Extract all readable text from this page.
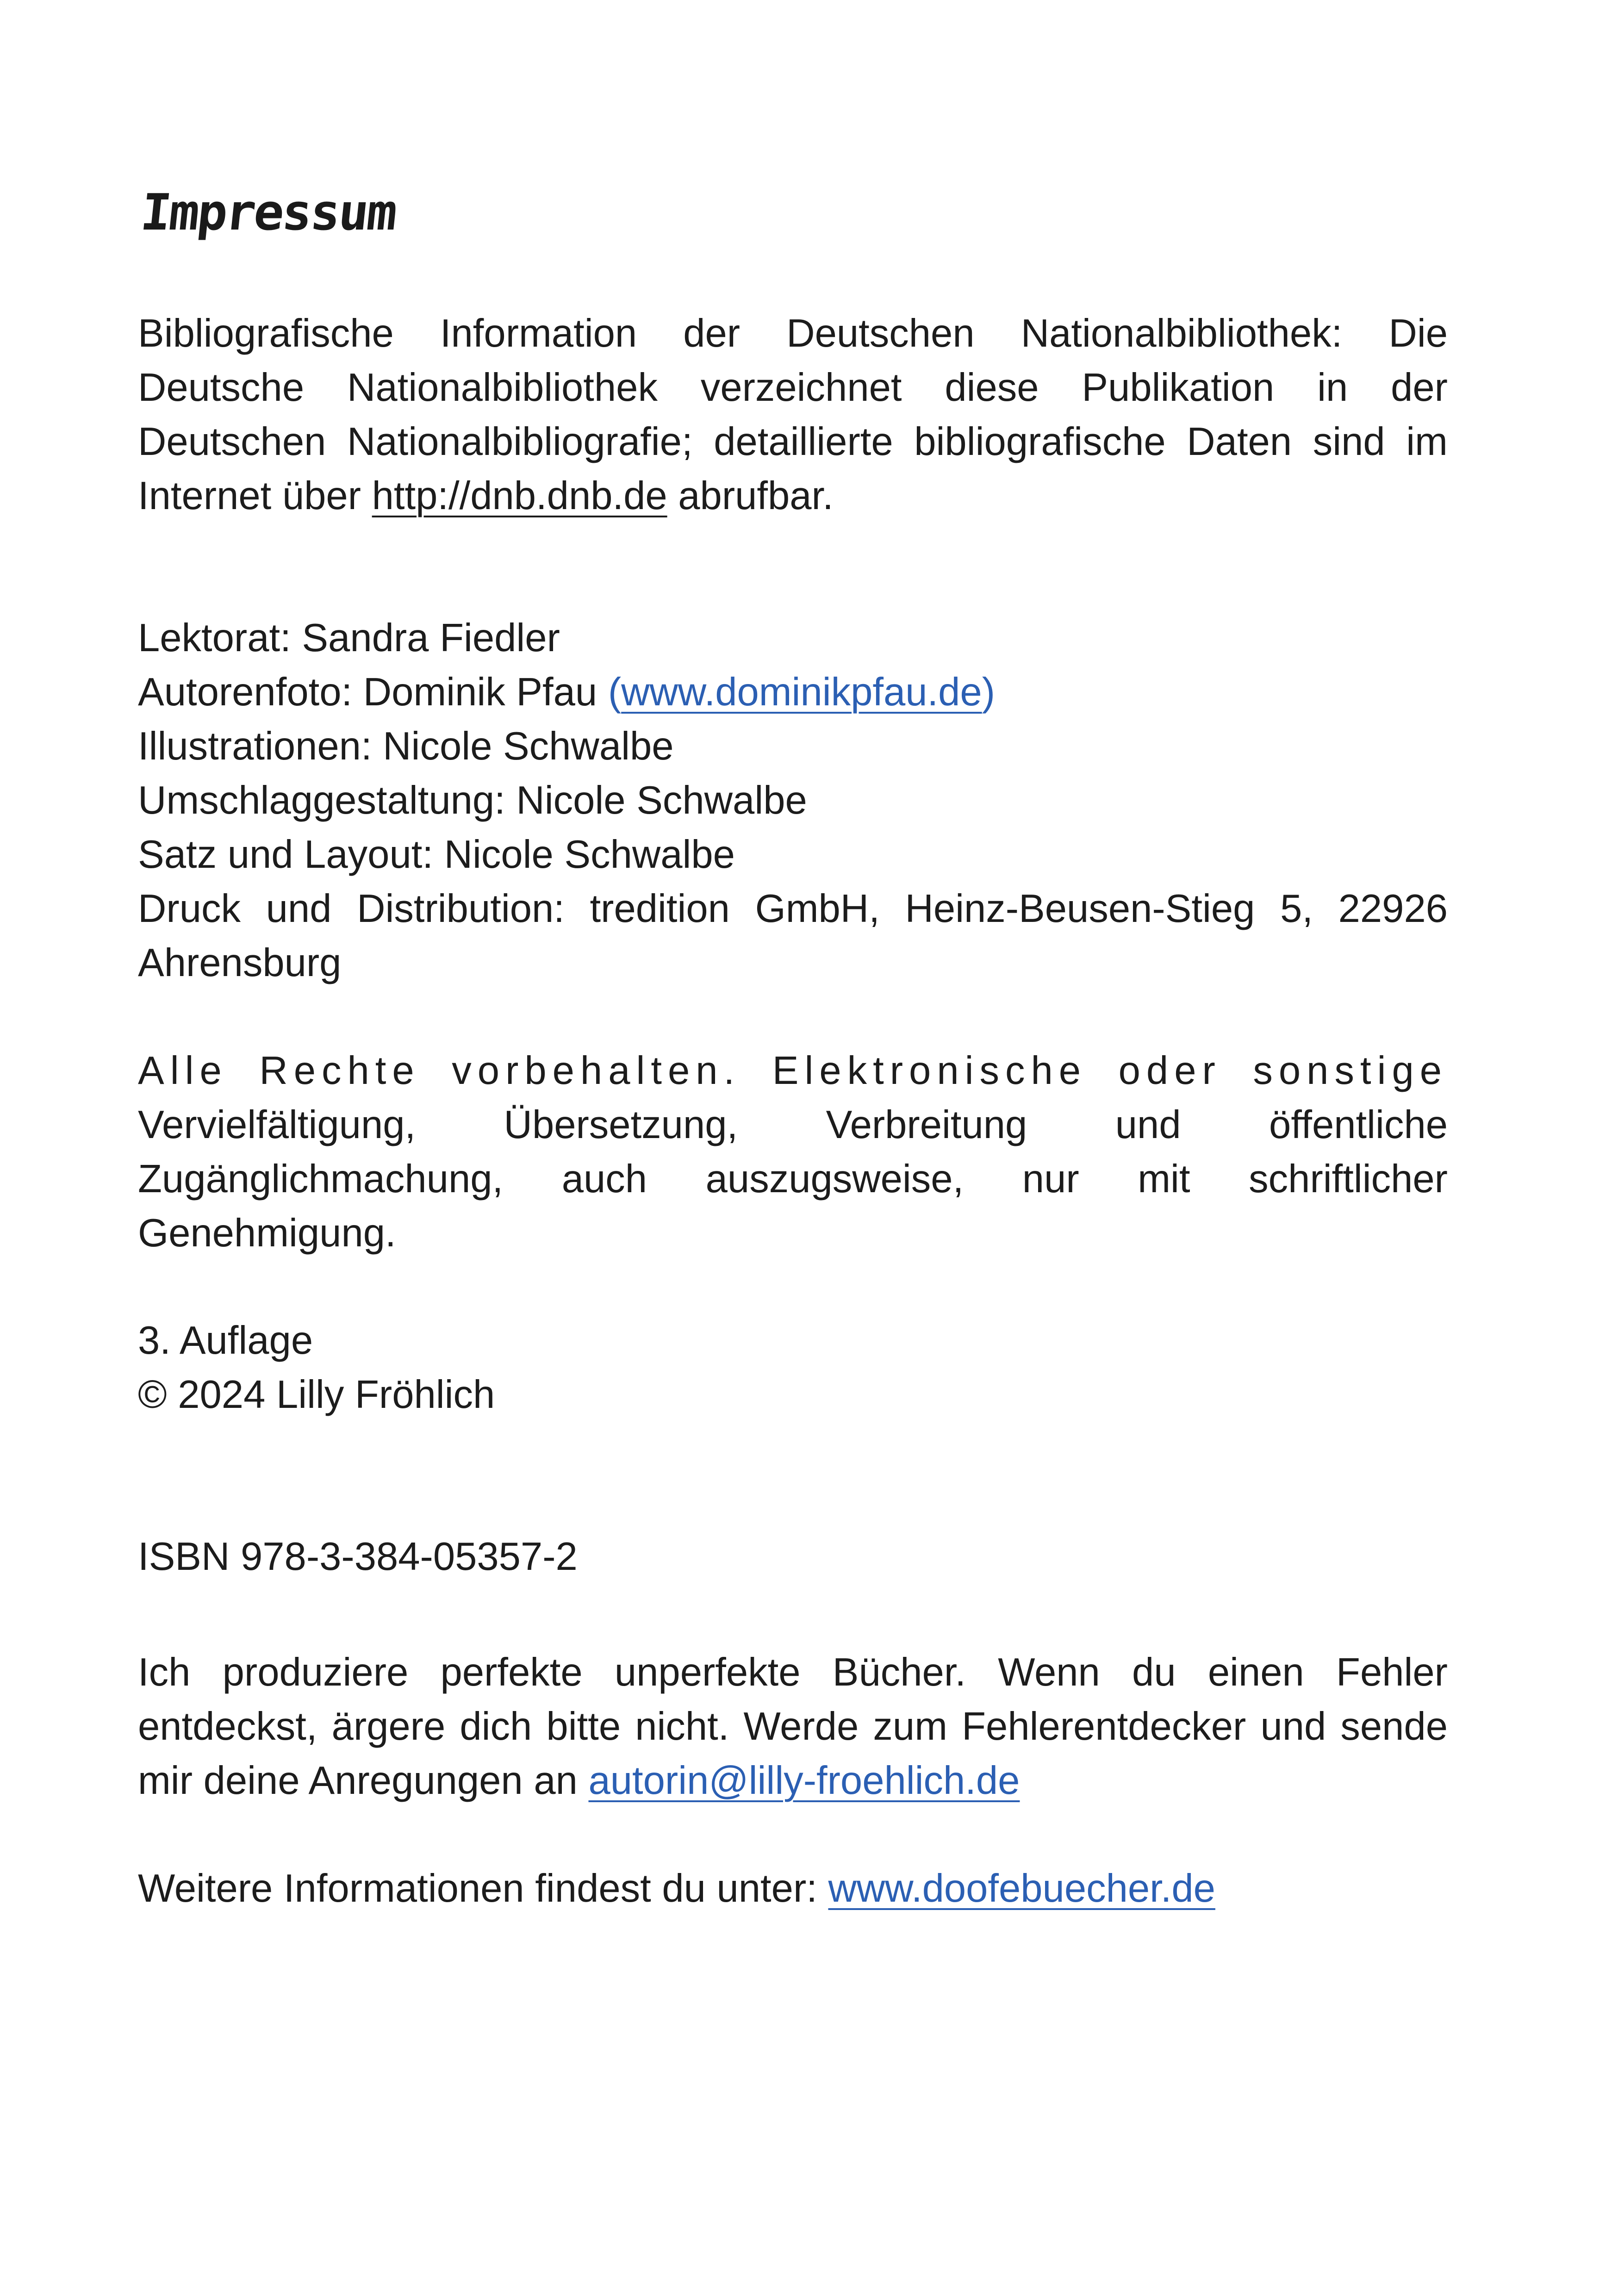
Impressum

Bibliografische Information der Deutschen Nationalbibliothek: Die Deutsche Nationalbibliothek verzeichnet diese Publikation in der Deutschen Nationalbibliografie; detaillierte bibliografische Daten sind im Internet über http://dnb.dnb.de abrufbar.

Lektorat: Sandra Fiedler
Autorenfoto: Dominik Pfau (www.dominikpfau.de)
Illustrationen: Nicole Schwalbe
Umschlaggestaltung: Nicole Schwalbe
Satz und Layout: Nicole Schwalbe
Druck und Distribution: tredition GmbH, Heinz-Beusen-Stieg 5, 22926 Ahrensburg
Alle Rechte vorbehalten. Elektronische oder sonstige
Vervielfältigung, Übersetzung, Verbreitung und öffentliche Zugänglichmachung, auch auszugsweise, nur mit schriftlicher Genehmigung.
3. Auflage
© 2024 Lilly Fröhlich

ISBN 978-3-384-05357-2

Ich produziere perfekte unperfekte Bücher. Wenn du einen Fehler entdeckst, ärgere dich bitte nicht. Werde zum Fehlerentdecker und sende mir deine Anregungen an autorin@lilly-froehlich.de

Weitere Informationen findest du unter: www.doofebuecher.de
